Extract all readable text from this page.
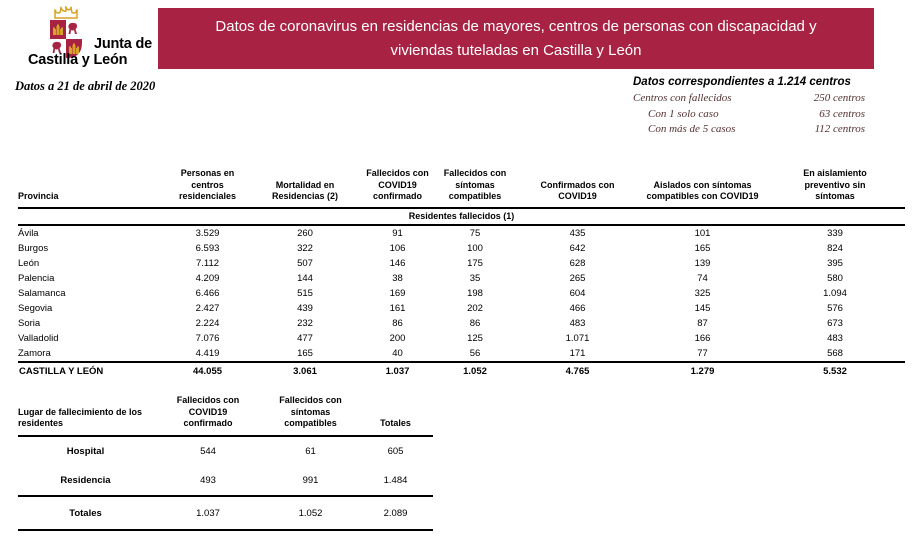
Junta de
Castilla y León
Datos de coronavirus en residencias de mayores, centros de personas con discapacidad y
viviendas tuteladas en Castilla y León
Datos a 21 de abril de 2020	Datos correspondientes a 1.214 centros
Centros con fallecidos	250 centros
Con 1 solo caso	63 centros
Con más de 5 casos	112 centros
Provincia	Personas en centros residenciales	Mortalidad en Residencias (2)	Fallecidos con COVID19 confirmado	Fallecidos con síntomas compatibles	Confirmados con COVID19	Aislados con síntomas compatibles con COVID19	En aislamiento preventivo sin síntomas

Residentes fallecidos (1)							
Ávila	3.529	260	91	75	435	101	339
Burgos	6.593	322	106	100	642	165	824
León	7.112	507	146	175	628	139	395
Palencia	4.209	144	38	35	265	74	580
Salamanca	6.466	515	169	198	604	325	1.094
Segovia	2.427	439	161	202	466	145	576
Soria	2.224	232	86	86	483	87	673
Valladolid	7.076	477	200	125	1.071	166	483
Zamora	4.419	165	40	56	171	77	568
CASTILLA Y LEÓN	44.055	3.061	1.037	1.052	4.765	1.279	5.532
Lugar de fallecimiento de los residentes	Fallecidos con COVID19 confirmado	Fallecidos con síntomas compatibles	Totales

Hospital	544	61	605
Residencia	493	991	1.484
Totales	1.037	1.052	2.089
